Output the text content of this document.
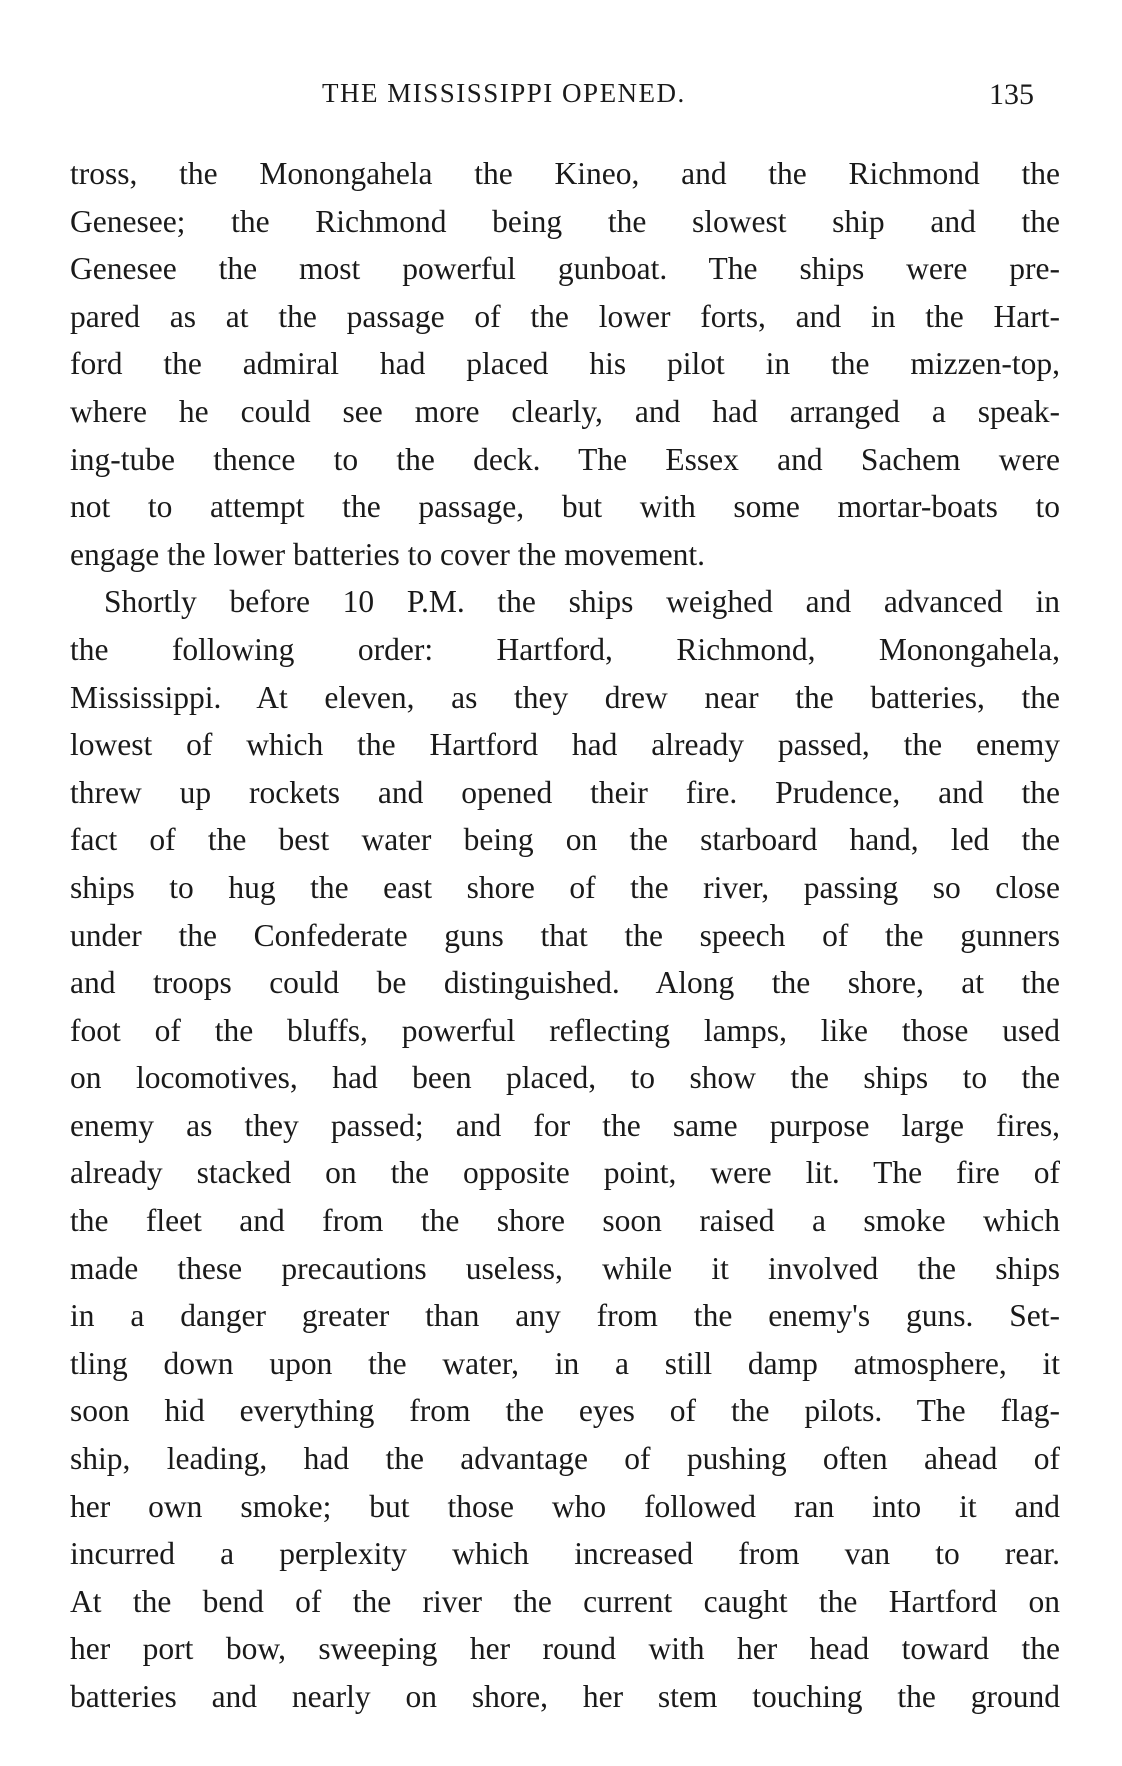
THE MISSISSIPPI OPENED.	135
tross, the Monongahela the Kineo, and the Richmond the
Genesee; the Richmond being the slowest ship and the
Genesee the most powerful gunboat. The ships were pre-
pared as at the passage of the lower forts, and in the Hart-
ford the admiral had placed his pilot in the mizzen-top,
where he could see more clearly, and had arranged a speak-
ing-tube thence to the deck. The Essex and Sachem were
not to attempt the passage, but with some mortar-boats to
engage the lower batteries to cover the movement.
Shortly before 10 P.M. the ships weighed and advanced in
the following order: Hartford, Richmond, Monongahela,
Mississippi. At eleven, as they drew near the batteries, the
lowest of which the Hartford had already passed, the enemy
threw up rockets and opened their fire. Prudence, and the
fact of the best water being on the starboard hand, led the
ships to hug the east shore of the river, passing so close
under the Confederate guns that the speech of the gunners
and troops could be distinguished. Along the shore, at the
foot of the bluffs, powerful reflecting lamps, like those used
on locomotives, had been placed, to show the ships to the
enemy as they passed; and for the same purpose large fires,
already stacked on the opposite point, were lit. The fire of
the fleet and from the shore soon raised a smoke which
made these precautions useless, while it involved the ships
in a danger greater than any from the enemy's guns. Set-
tling down upon the water, in a still damp atmosphere, it
soon hid everything from the eyes of the pilots. The flag-
ship, leading, had the advantage of pushing often ahead of
her own smoke; but those who followed ran into it and
incurred a perplexity which increased from van to rear.
At the bend of the river the current caught the Hartford on
her port bow, sweeping her round with her head toward the
batteries and nearly on shore, her stem touching the ground
